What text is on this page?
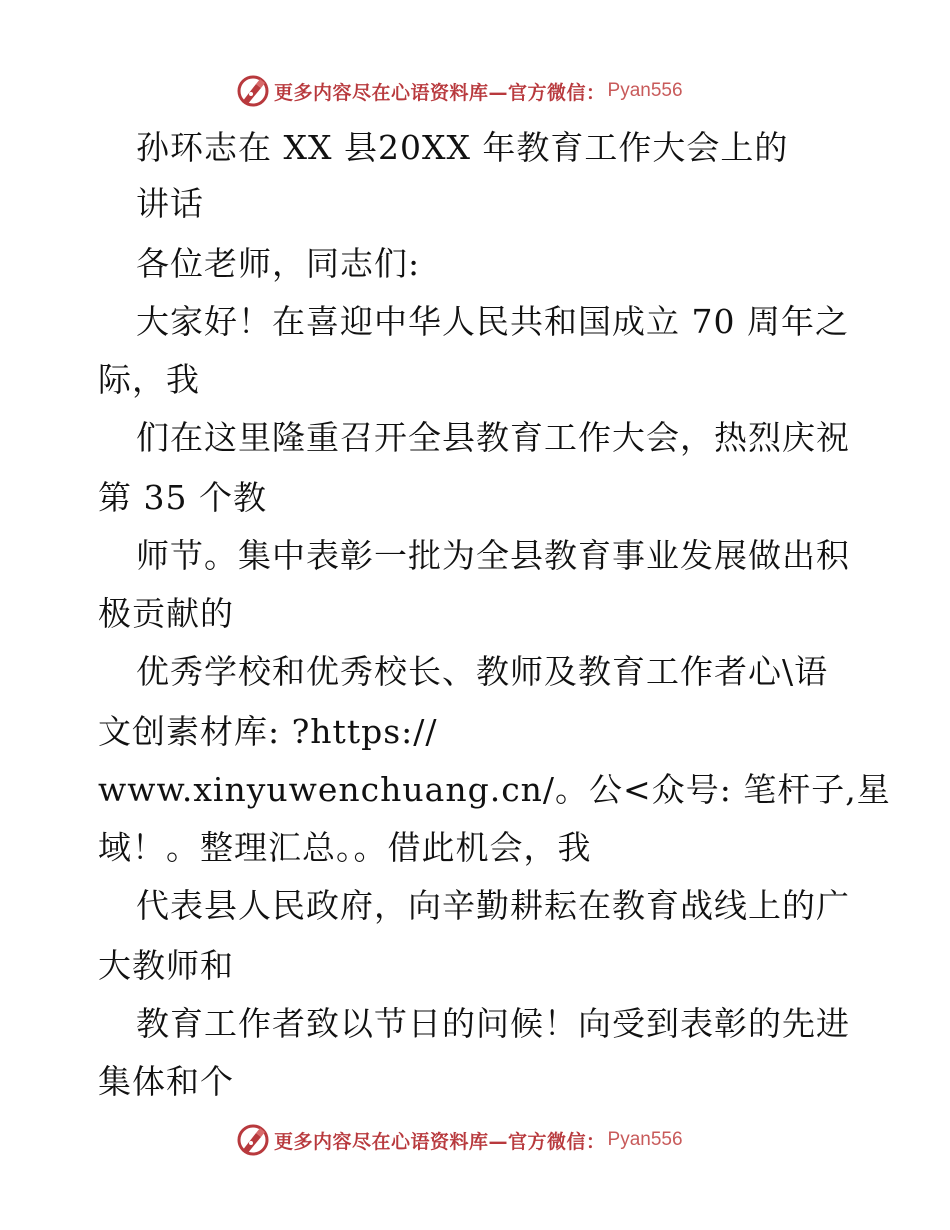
更多内容尽在心语资料库—官方微信： Pyan556
孙环志在 XX 县20XX 年教育工作大会上的
讲话
各位老师，同志们:
大家好！在喜迎中华人民共和国成立 70 周年之
际，我
们在这里隆重召开全县教育工作大会，热烈庆祝
第 35 个教
师节。集中表彰一批为全县教育事业发展做出积
极贡献的
优秀学校和优秀校长、教师及教育工作者心\语
文创素材库: ?https://
www.xinyuwenchuang.cn/。公<众号: 笔杆子,星
域！。整理汇总。。借此机会，我
代表县人民政府，向辛勤耕耘在教育战线上的广
大教师和
教育工作者致以节日的问候！向受到表彰的先进
集体和个
更多内容尽在心语资料库—官方微信： Pyan556
